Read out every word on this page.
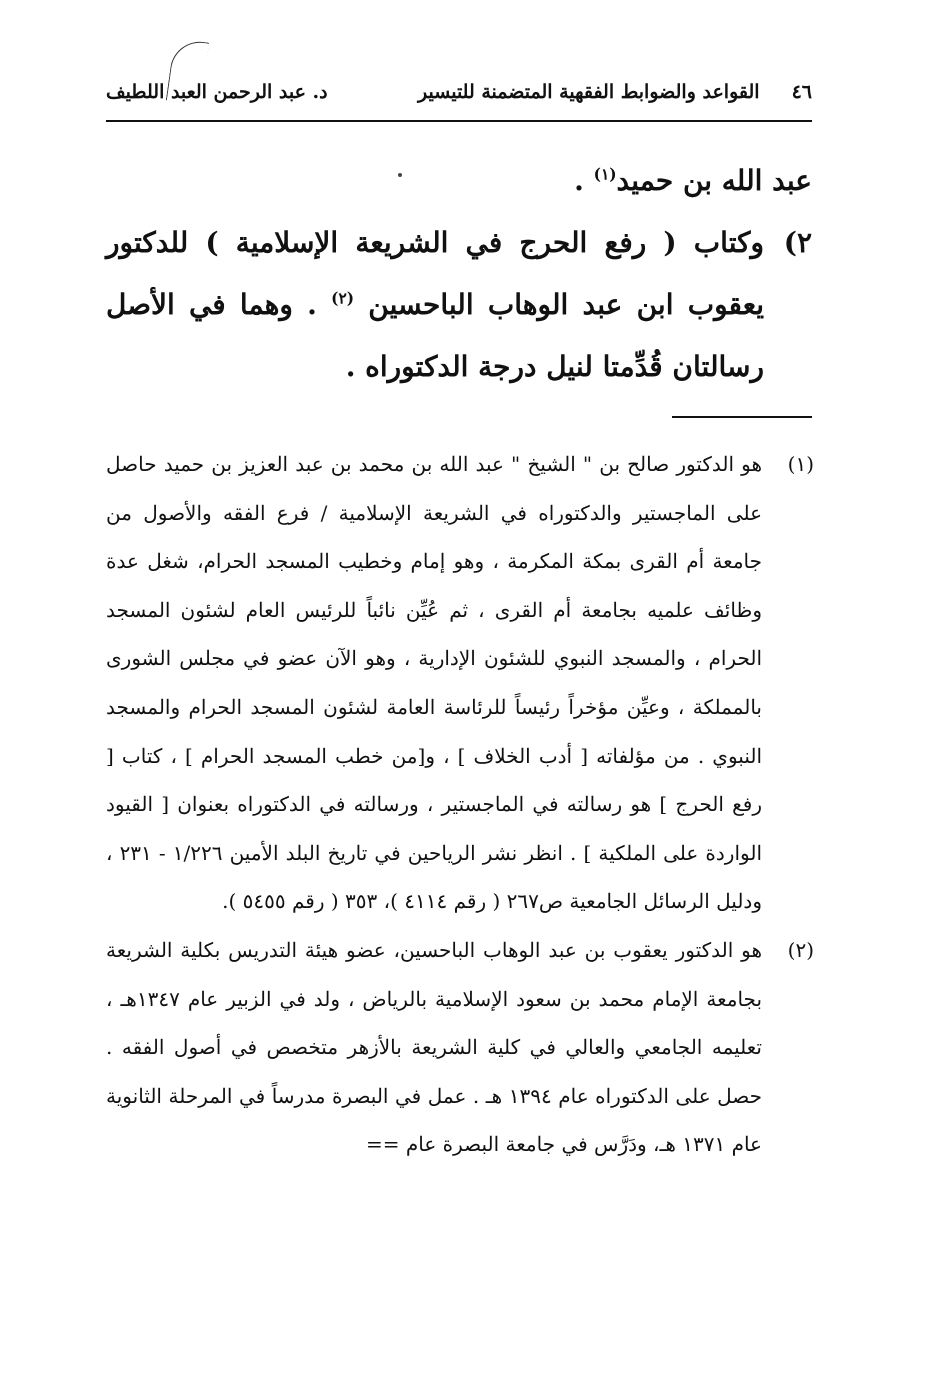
٤٦
القواعد والضوابط الفقهية المتضمنة للتيسير
د. عبد الرحمن العبد اللطيف

عبد الله بن حميد$^{(١)}$ .

٢)
وكتاب ( رفع الحرج في الشريعة الإسلامية ) للدكتور يعقوب ابن عبد الوهاب الباحسين $^{(٢)}$ . وهما في الأصل رسالتان قُدِّمتا لنيل درجة الدكتوراه .
(١)
هو الدكتور صالح بن " الشيخ " عبد الله بن محمد بن عبد العزيز بن حميد حاصل على الماجستير والدكتوراه في الشريعة الإسلامية / فرع الفقه والأصول من جامعة أم القرى بمكة المكرمة ، وهو إمام وخطيب المسجد الحرام، شغل عدة وظائف علميه بجامعة أم القرى ، ثم عُيِّن نائباً للرئيس العام لشئون المسجد الحرام ، والمسجد النبوي للشئون الإدارية ، وهو الآن عضو في مجلس الشورى بالمملكة ، وعيِّن مؤخراً رئيساً للرئاسة العامة لشئون المسجد الحرام والمسجد النبوي . من مؤلفاته [ أدب الخلاف ] ، و[من خطب المسجد الحرام ] ، كتاب [ رفع الحرج ] هو رسالته في الماجستير ، ورسالته في الدكتوراه بعنوان [ القيود الواردة على الملكية ] . انظر نشر الرياحين في تاريخ البلد الأمين ١/٢٢٦ - ٢٣١ ، ودليل الرسائل الجامعية ص٢٦٧ ( رقم ٤١١٤ )، ٣٥٣ ( رقم ٥٤٥٥ ).
(٢)
هو الدكتور يعقوب بن عبد الوهاب الباحسين، عضو هيئة التدريس بكلية الشريعة بجامعة الإمام محمد بن سعود الإسلامية بالرياض ، ولد في الزبير عام ١٣٤٧هـ ، تعليمه الجامعي والعالي في كلية الشريعة بالأزهر متخصص في أصول الفقه . حصل على الدكتوراه عام ١٣٩٤ هـ . عمل في البصرة مدرساً في المرحلة الثانوية عام ١٣٧١ هـ، ودَرَّس في جامعة البصرة عام ==
